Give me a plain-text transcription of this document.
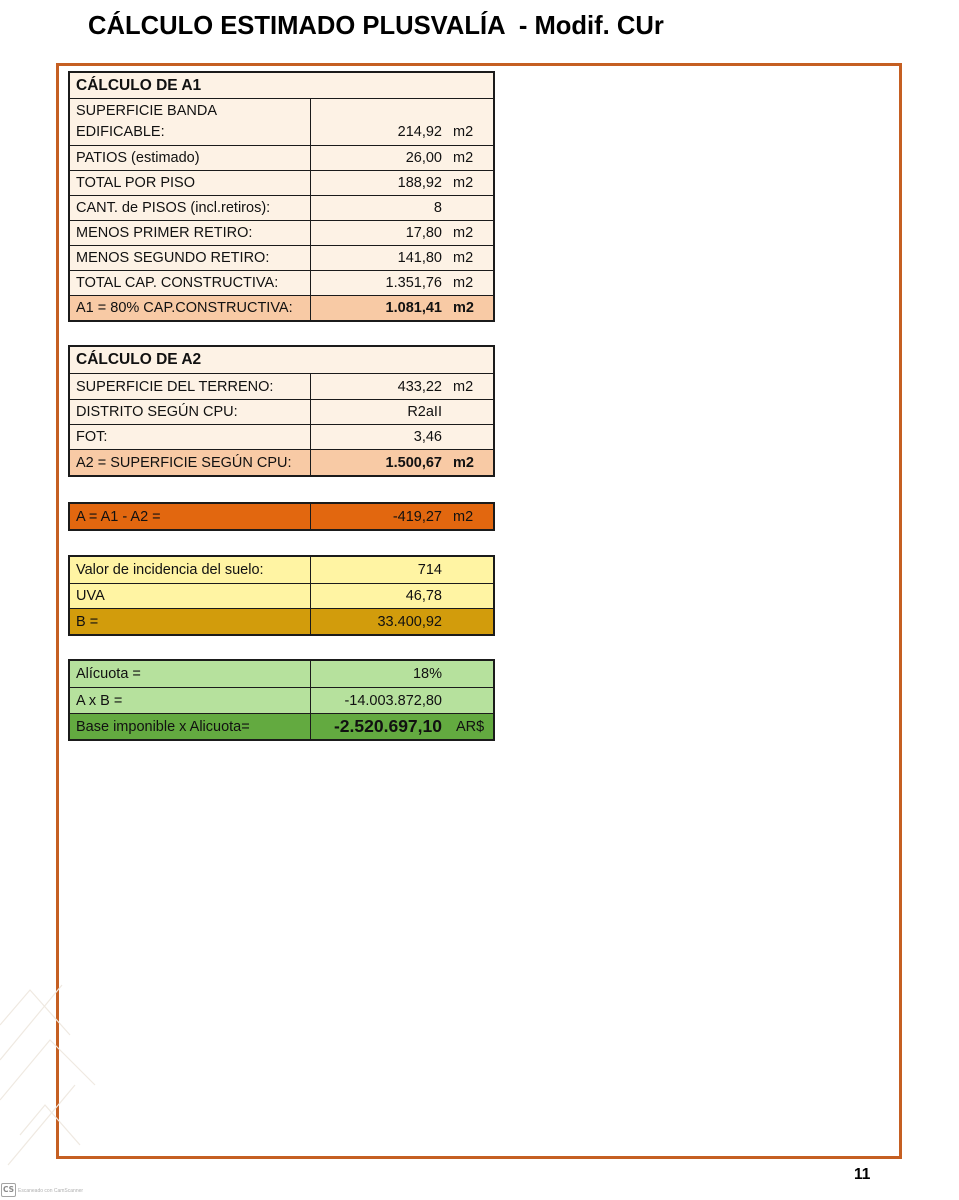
CÁLCULO ESTIMADO PLUSVALÍA  - Modif. CUr
CÁLCULO DE A1
SUPERFICIE BANDA
EDIFICABLE:	214,92 m2
PATIOS (estimado)	26,00 m2
TOTAL POR PISO	188,92 m2
CANT. de PISOS (incl.retiros):	8
MENOS PRIMER RETIRO:	17,80 m2
MENOS SEGUNDO RETIRO:	141,80 m2
TOTAL CAP. CONSTRUCTIVA:	1.351,76 m2
A1 = 80% CAP.CONSTRUCTIVA:	1.081,41 m2
CÁLCULO DE A2
SUPERFICIE DEL TERRENO:	433,22 m2
DISTRITO SEGÚN CPU:	R2aII
FOT:	3,46
A2 = SUPERFICIE SEGÚN CPU:	1.500,67 m2
A = A1 - A2 =	-419,27 m2
Valor de incidencia del suelo:	714
UVA	46,78
B =	33.400,92
Alícuota =	18%
A x B =	-14.003.872,80
Base imponible x Alicuota=	-2.520.697,10 AR$
11
CS Escaneado con CamScanner
